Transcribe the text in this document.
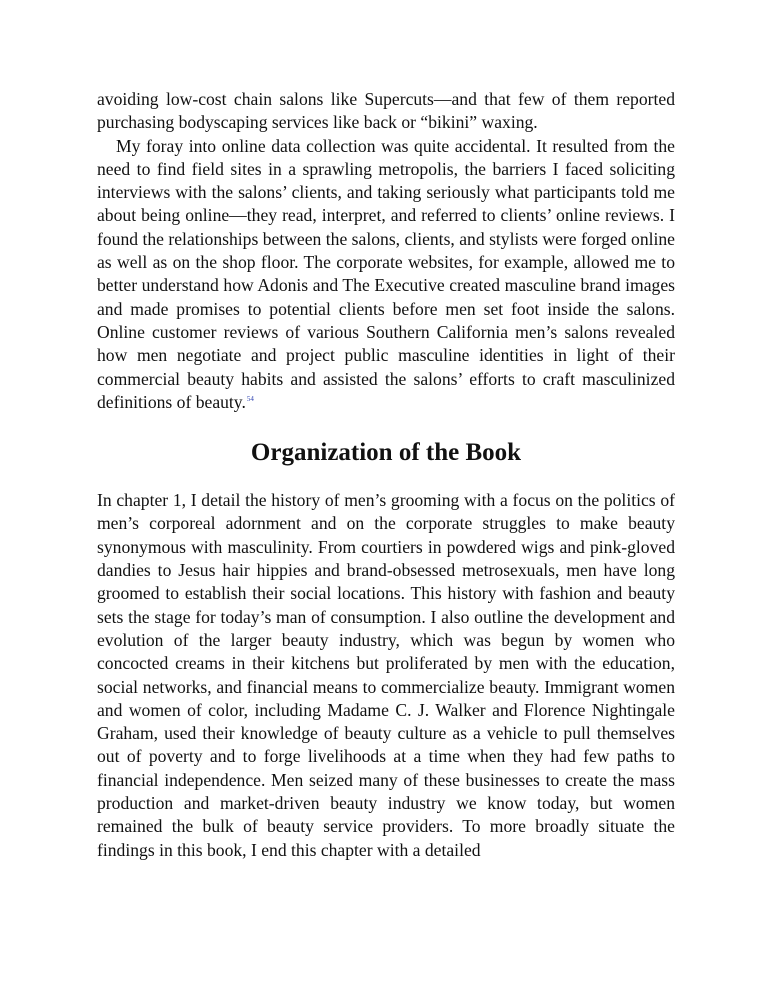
avoiding low-cost chain salons like Supercuts—and that few of them reported purchasing bodyscaping services like back or “bikini” waxing.

My foray into online data collection was quite accidental. It resulted from the need to find field sites in a sprawling metropolis, the barriers I faced soliciting interviews with the salons’ clients, and taking seriously what participants told me about being online—they read, interpret, and referred to clients’ online reviews. I found the relationships between the salons, clients, and stylists were forged online as well as on the shop floor. The corporate websites, for example, allowed me to better understand how Adonis and The Executive created masculine brand images and made promises to potential clients before men set foot inside the salons. Online customer reviews of various Southern California men’s salons revealed how men negotiate and project public masculine identities in light of their commercial beauty habits and assisted the salons’ efforts to craft masculinized definitions of beauty.$^{54}$

Organization of the Book

In chapter 1, I detail the history of men’s grooming with a focus on the politics of men’s corporeal adornment and on the corporate struggles to make beauty synonymous with masculinity. From courtiers in powdered wigs and pink-gloved dandies to Jesus hair hippies and brand-obsessed metrosexuals, men have long groomed to establish their social locations. This history with fashion and beauty sets the stage for today’s man of consumption. I also outline the development and evolution of the larger beauty industry, which was begun by women who concocted creams in their kitchens but proliferated by men with the education, social networks, and financial means to commercialize beauty. Immigrant women and women of color, including Madame C. J. Walker and Florence Nightingale Graham, used their knowledge of beauty culture as a vehicle to pull themselves out of poverty and to forge livelihoods at a time when they had few paths to financial independence. Men seized many of these businesses to create the mass production and market-driven beauty industry we know today, but women remained the bulk of beauty service providers. To more broadly situate the findings in this book, I end this chapter with a detailed
